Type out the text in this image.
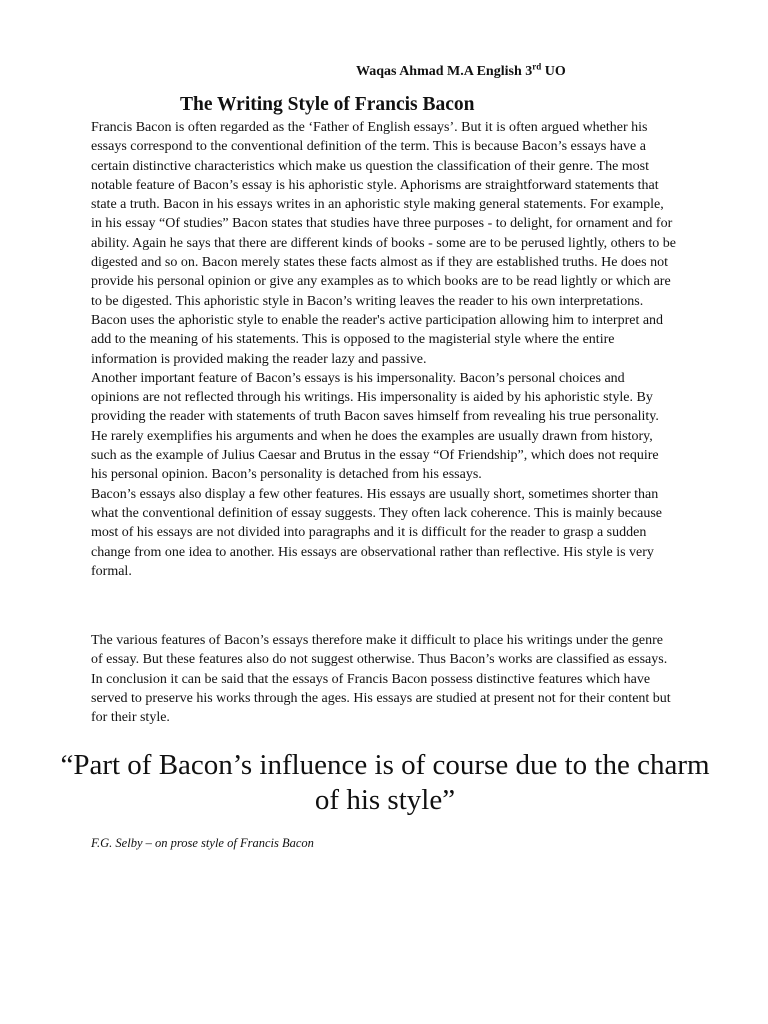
Waqas Ahmad M.A English 3rd UO
The Writing Style of Francis Bacon

Francis Bacon is often regarded as the ‘Father of English essays’. But it is often argued whether his essays correspond to the conventional definition of the term. This is because Bacon’s essays have a certain distinctive characteristics which make us question the classification of their genre. The most notable feature of Bacon’s essay is his aphoristic style. Aphorisms are straightforward statements that state a truth. Bacon in his essays writes in an aphoristic style making general statements. For example, in his essay “Of studies” Bacon states that studies have three purposes - to delight, for ornament and for ability. Again he says that there are different kinds of books - some are to be perused lightly, others to be digested and so on. Bacon merely states these facts almost as if they are established truths. He does not provide his personal opinion or give any examples as to which books are to be read lightly or which are to be digested. This aphoristic style in Bacon’s writing leaves the reader to his own interpretations. Bacon uses the aphoristic style to enable the reader's active participation allowing him to interpret and add to the meaning of his statements. This is opposed to the magisterial style where the entire information is provided making the reader lazy and passive.
Another important feature of Bacon’s essays is his impersonality. Bacon’s personal choices and opinions are not reflected through his writings. His impersonality is aided by his aphoristic style. By providing the reader with statements of truth Bacon saves himself from revealing his true personality. He rarely exemplifies his arguments and when he does the examples are usually drawn from history, such as the example of Julius Caesar and Brutus in the essay “Of Friendship”, which does not require his personal opinion. Bacon’s personality is detached from his essays.
Bacon’s essays also display a few other features. His essays are usually short, sometimes shorter than what the conventional definition of essay suggests. They often lack coherence. This is mainly because most of his essays are not divided into paragraphs and it is difficult for the reader to grasp a sudden change from one idea to another. His essays are observational rather than reflective. His style is very formal.

The various features of Bacon’s essays therefore make it difficult to place his writings under the genre of essay. But these features also do not suggest otherwise. Thus Bacon’s works are classified as essays. In conclusion it can be said that the essays of Francis Bacon possess distinctive features which have served to preserve his works through the ages. His essays are studied at present not for their content but for their style.

“Part of Bacon’s influence is of course due to the charm of his style”

F.G. Selby – on prose style of Francis Bacon
